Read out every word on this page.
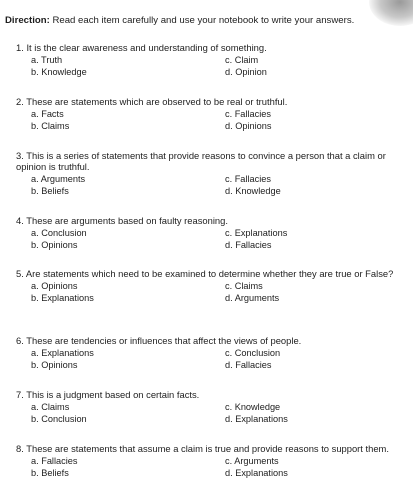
Direction: Read each item carefully and use your notebook to write your answers.
1. It is the clear awareness and understanding of something.
a. Truth
b. Knowledge
c. Claim
d. Opinion
2. These are statements which are observed to be real or truthful.
a. Facts
b. Claims
c. Fallacies
d. Opinions
3. This is a series of statements that provide reasons to convince a person that a claim or opinion is truthful.
a. Arguments
b. Beliefs
c. Fallacies
d. Knowledge
4. These are arguments based on faulty reasoning.
a. Conclusion
b. Opinions
c. Explanations
d. Fallacies
5. Are statements which need to be examined to determine whether they are true or False?
a. Opinions
b. Explanations
c. Claims
d. Arguments
6. These are tendencies or influences that affect the views of people.
a. Explanations
b. Opinions
c. Conclusion
d. Fallacies
7. This is a judgment based on certain facts.
a. Claims
b. Conclusion
c. Knowledge
d. Explanations
8. These are statements that assume a claim is true and provide reasons to support them.
a. Fallacies
b. Beliefs
c. Arguments
d. Explanations
